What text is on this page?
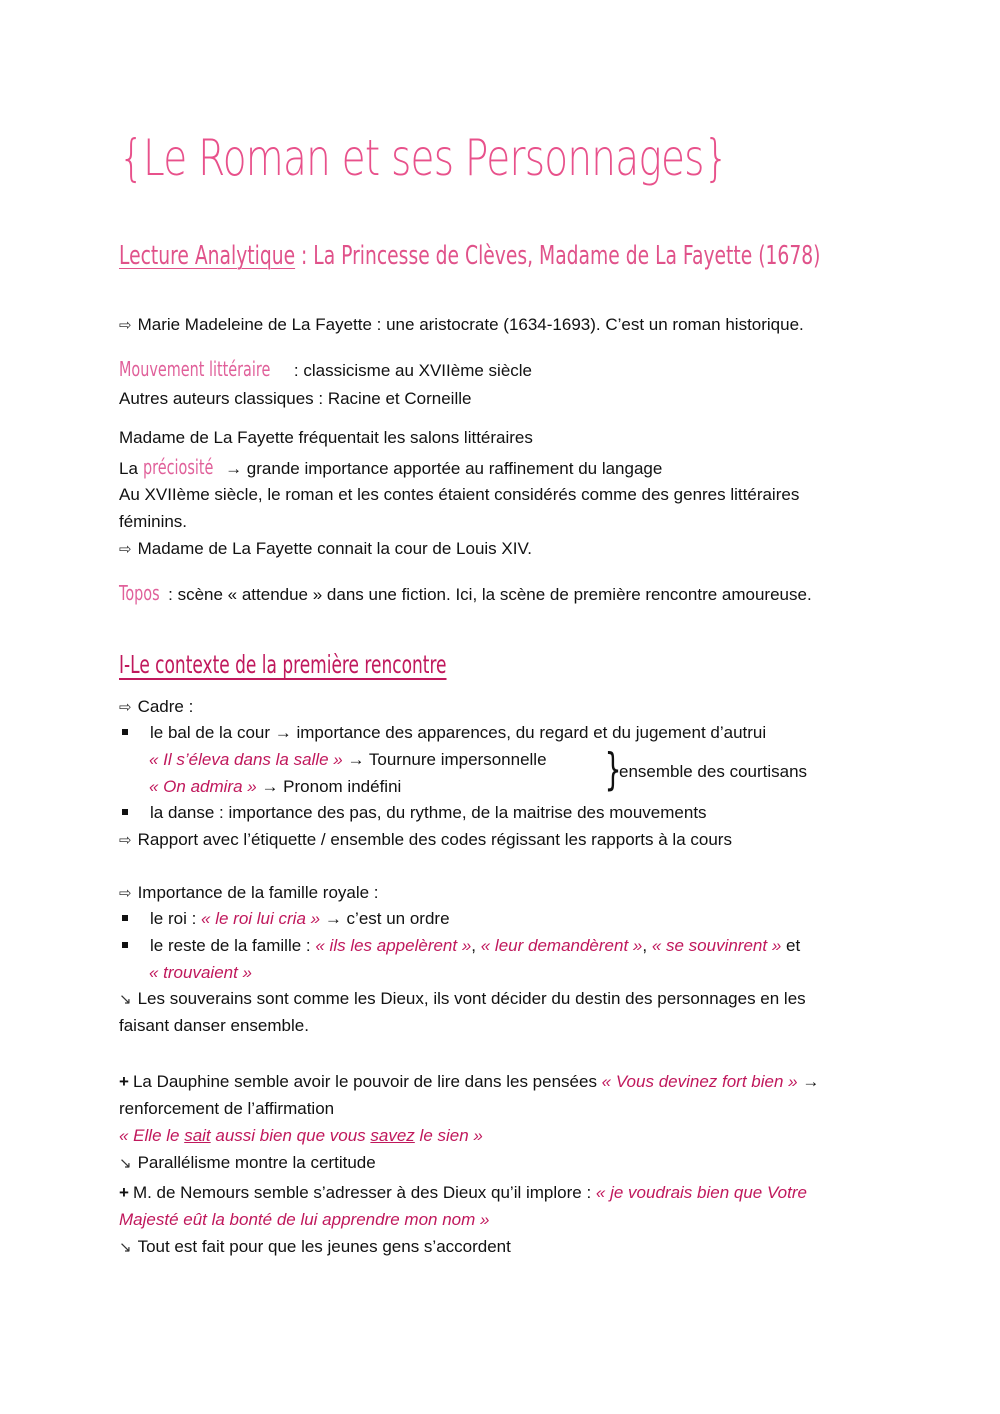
{Le Roman et ses Personnages}
Lecture Analytique : La Princesse de Clèves, Madame de La Fayette (1678)
⇨ Marie Madeleine de La Fayette : une aristocrate (1634-1693). C’est un roman historique.
Mouvement littéraire : classicisme au XVIIème siècle
Autres auteurs classiques : Racine et Corneille
Madame de La Fayette fréquentait les salons littéraires
La préciosité → grande importance apportée au raffinement du langage
Au XVIIème siècle, le roman et les contes étaient considérés comme des genres littéraires
féminins.
⇨ Madame de La Fayette connait la cour de Louis XIV.
Topos : scène « attendue » dans une fiction. Ici, la scène de première rencontre amoureuse.
I-Le contexte de la première rencontre
⇨ Cadre :
le bal de la cour → importance des apparences, du regard et du jugement d’autrui
« Il s’éleva dans la salle » → Tournure impersonnelle
« On admira » → Pronom indéfini	}
ensemble des courtisans
la danse : importance des pas, du rythme, de la maitrise des mouvements
⇨ Rapport avec l’étiquette / ensemble des codes régissant les rapports à la cours
⇨ Importance de la famille royale :
le roi : « le roi lui cria » → c’est un ordre
le reste de la famille : « ils les appelèrent », « leur demandèrent », « se souvinrent » et
« trouvaient »
↘ Les souverains sont comme les Dieux, ils vont décider du destin des personnages en les
faisant danser ensemble.
+ La Dauphine semble avoir le pouvoir de lire dans les pensées « Vous devinez fort bien » →
renforcement de l’affirmation
« Elle le sait aussi bien que vous savez le sien »
↘ Parallélisme montre la certitude
+ M. de Nemours semble s’adresser à des Dieux qu’il implore : « je voudrais bien que Votre
Majesté eût la bonté de lui apprendre mon nom »
↘ Tout est fait pour que les jeunes gens s’accordent
